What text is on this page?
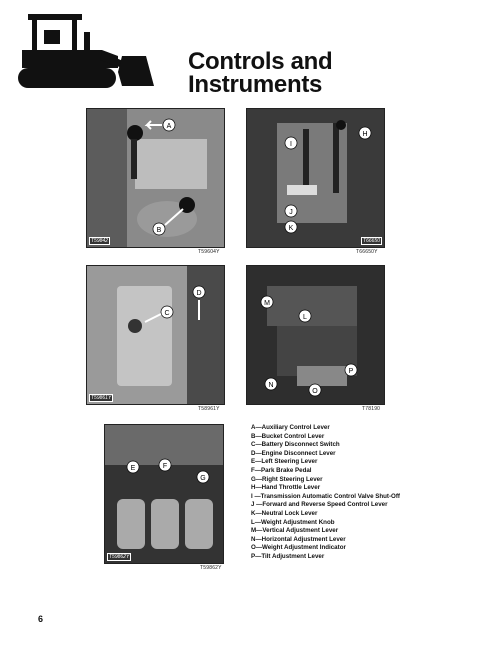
Controls and
Instruments
A
B
T59842
T59604Y
H
I
J
K
T66650
T66650Y
C
D
T59861Y
T58961Y
L
M
N
O
P
T78190
E	F
G
T59862Y
T59862Y
A—Auxiliary Control Lever
B—Bucket Control Lever
C—Battery Disconnect Switch
D—Engine Disconnect Lever
E—Left Steering Lever
F—Park Brake Pedal
G—Right Steering Lever
H—Hand Throttle Lever
I —Transmission Automatic Control Valve Shut-Off
J —Forward and Reverse Speed Control Lever
K—Neutral Lock Lever
L—Weight Adjustment Knob
M—Vertical Adjustment Lever
N—Horizontal Adjustment Lever
O—Weight Adjustment Indicator
P—Tilt Adjustment Lever
6
